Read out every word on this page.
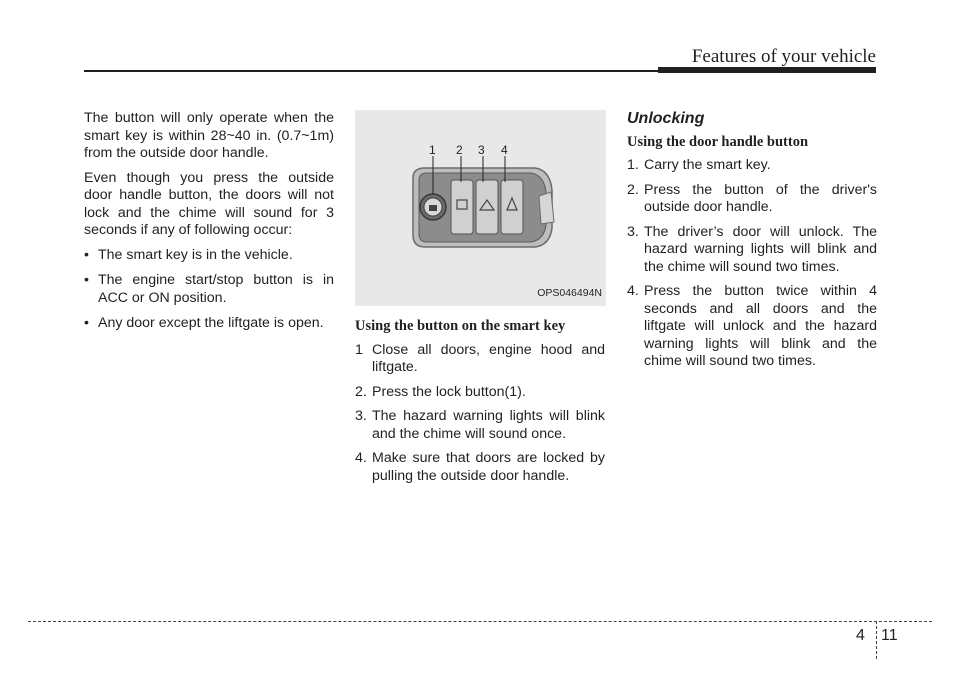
Features of your vehicle

The button will only operate when the smart key is within 28~40 in. (0.7~1m) from the outside door handle.

Even though you press the outside door handle button, the doors will not lock and the chime will sound for 3 seconds if any of following occur:

• The smart key is in the vehicle.
• The engine start/stop button is in ACC or ON position.
• Any door except the liftgate is open.
1 2 3 4
OPS046494N
Using the button on the smart key
1 Close all doors, engine hood and liftgate.
2. Press the lock button(1).
3. The hazard warning lights will blink and the chime will sound once.
4. Make sure that doors are locked by pulling the outside door handle.
Unlocking
Using the door handle button
1. Carry the smart key.
2. Press the button of the driver's outside door handle.
3. The driver’s door will unlock. The hazard warning lights will blink and the chime will sound two times.
4. Press the button twice within 4 seconds and all doors and the liftgate will unlock and the hazard warning lights will blink and the chime will sound two times.
4 11
